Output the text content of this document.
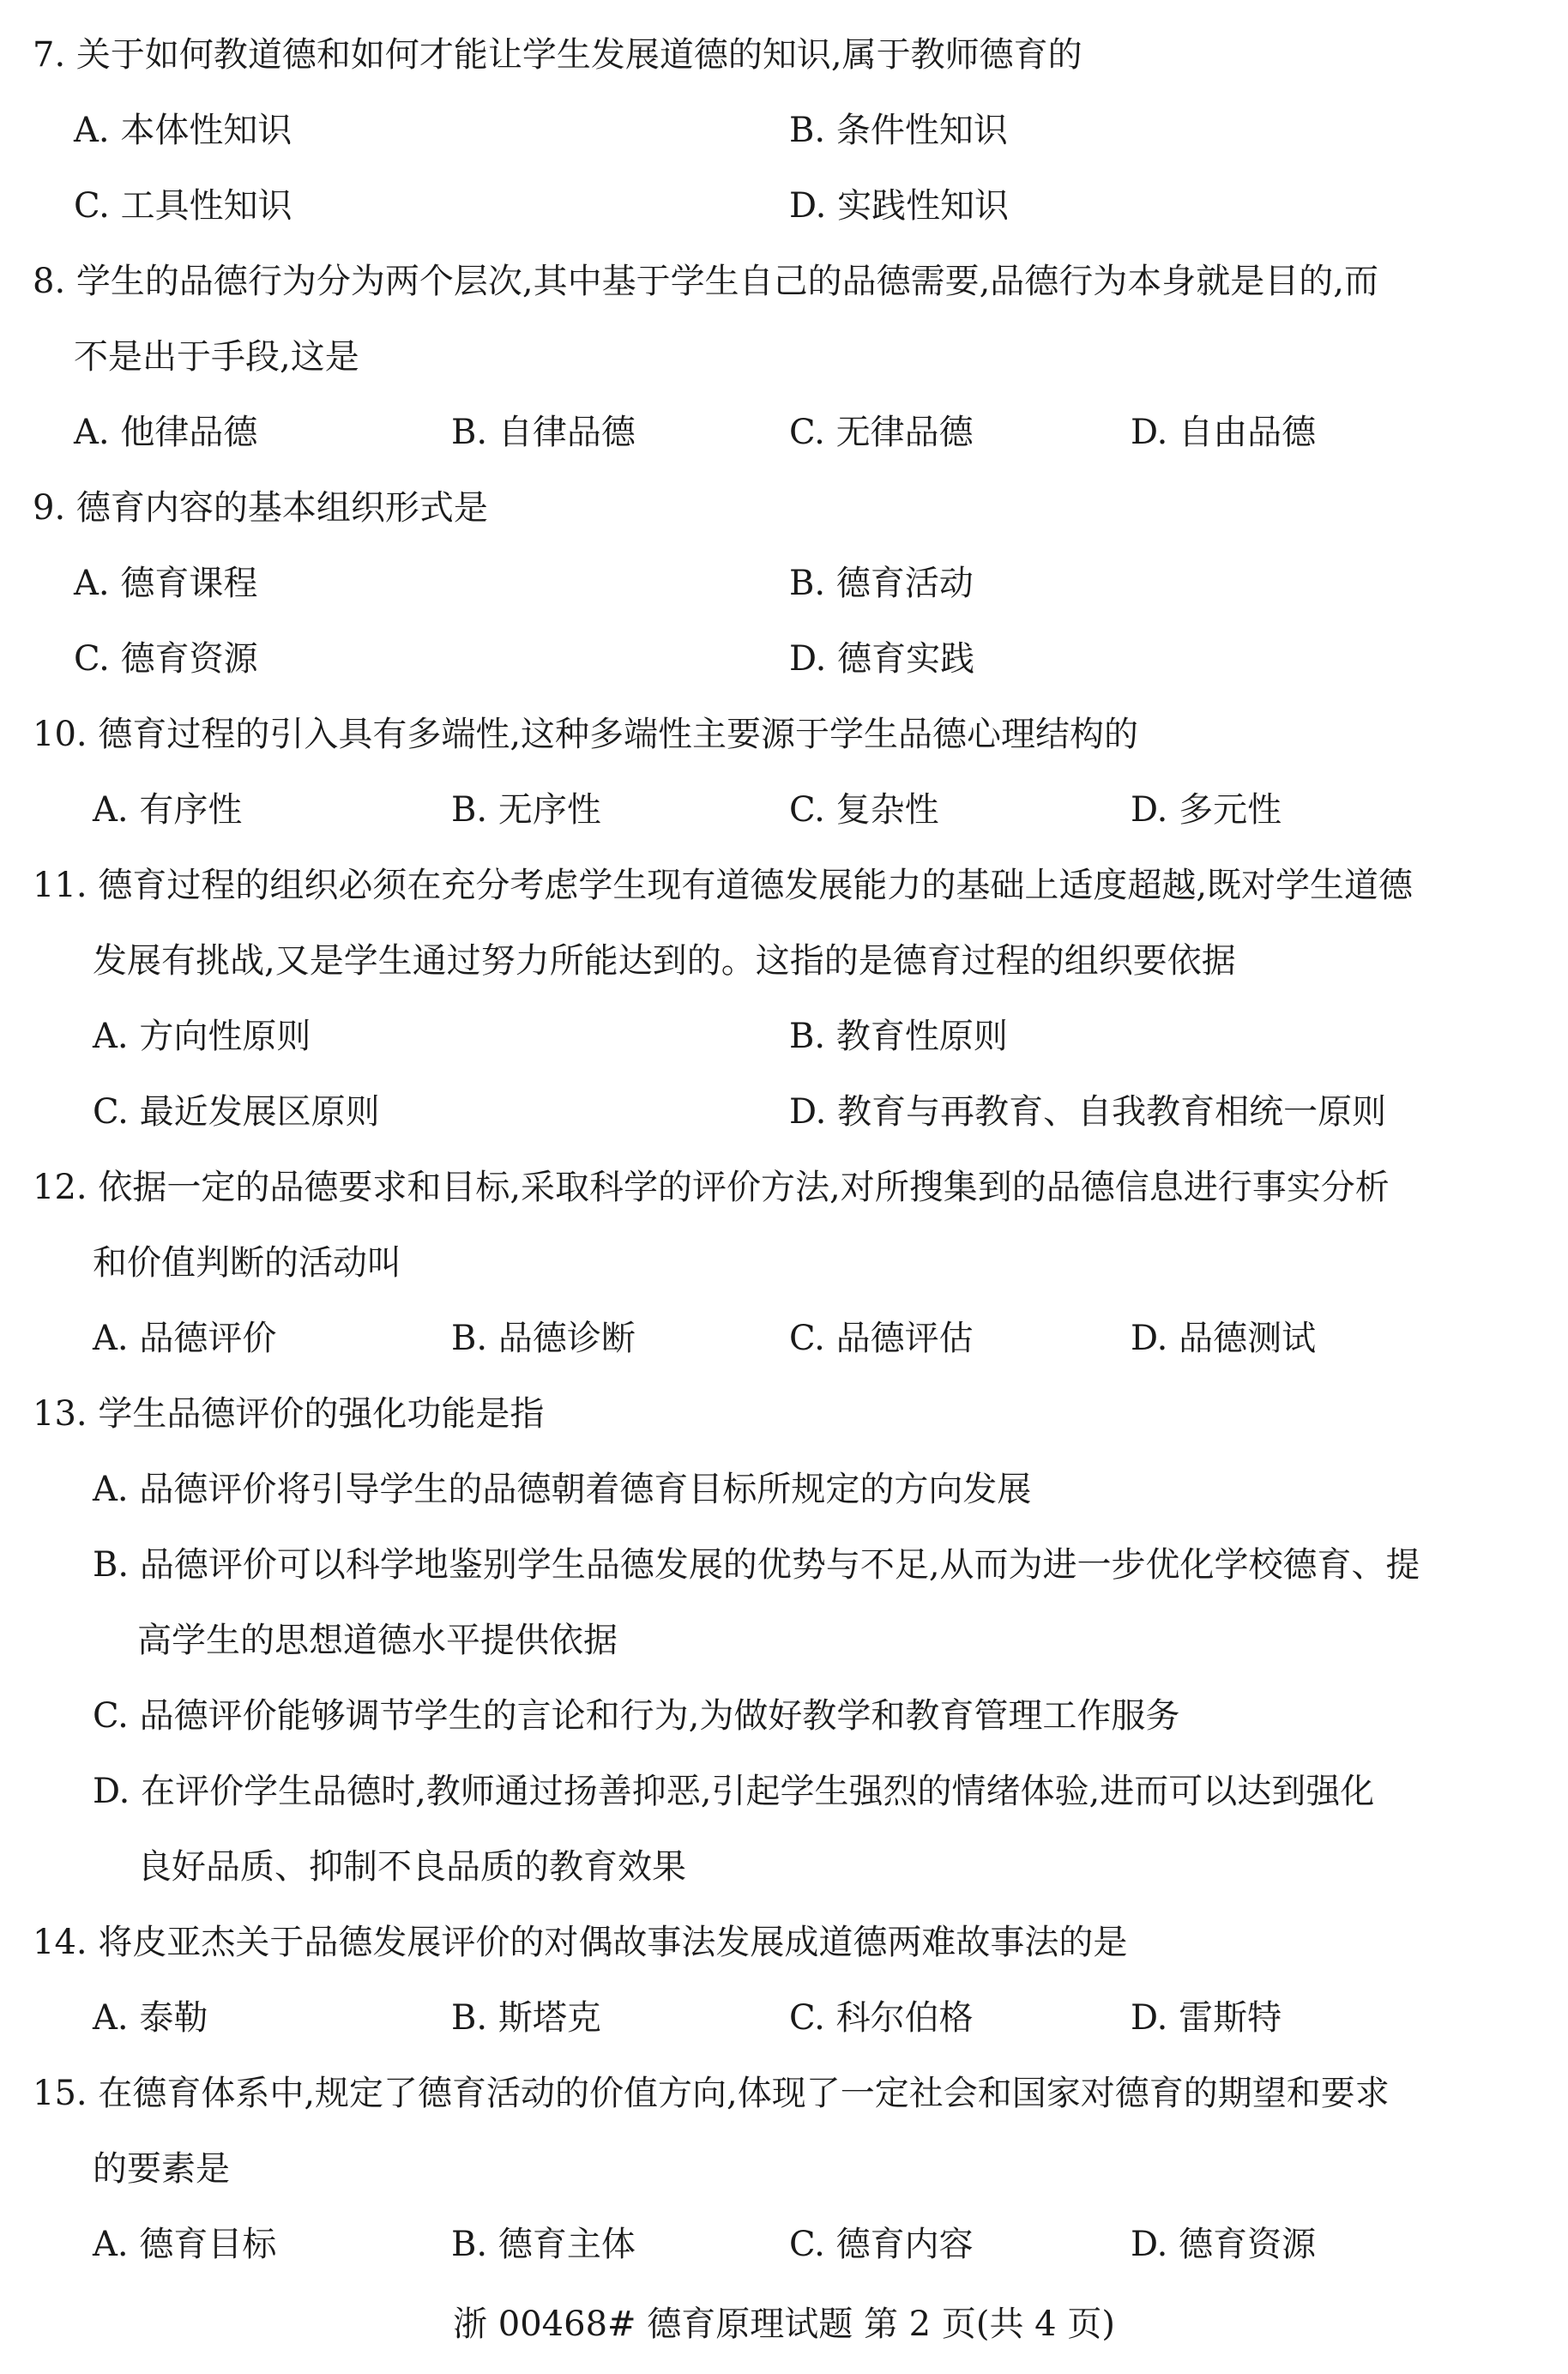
7. 关于如何教道德和如何才能让学生发展道德的知识,属于教师德育的
A. 本体性知识	B. 条件性知识
C. 工具性知识	D. 实践性知识
8. 学生的品德行为分为两个层次,其中基于学生自己的品德需要,品德行为本身就是目的,而
不是出于手段,这是
A. 他律品德	B. 自律品德	C. 无律品德	D. 自由品德
9. 德育内容的基本组织形式是
A. 德育课程	B. 德育活动
C. 德育资源	D. 德育实践
10. 德育过程的引入具有多端性,这种多端性主要源于学生品德心理结构的
A. 有序性	B. 无序性	C. 复杂性	D. 多元性
11. 德育过程的组织必须在充分考虑学生现有道德发展能力的基础上适度超越,既对学生道德
发展有挑战,又是学生通过努力所能达到的。这指的是德育过程的组织要依据
A. 方向性原则	B. 教育性原则
C. 最近发展区原则	D. 教育与再教育、自我教育相统一原则
12. 依据一定的品德要求和目标,采取科学的评价方法,对所搜集到的品德信息进行事实分析
和价值判断的活动叫
A. 品德评价	B. 品德诊断	C. 品德评估	D. 品德测试
13. 学生品德评价的强化功能是指
A. 品德评价将引导学生的品德朝着德育目标所规定的方向发展
B. 品德评价可以科学地鉴别学生品德发展的优势与不足,从而为进一步优化学校德育、提
高学生的思想道德水平提供依据
C. 品德评价能够调节学生的言论和行为,为做好教学和教育管理工作服务
D. 在评价学生品德时,教师通过扬善抑恶,引起学生强烈的情绪体验,进而可以达到强化
良好品质、抑制不良品质的教育效果
14. 将皮亚杰关于品德发展评价的对偶故事法发展成道德两难故事法的是
A. 泰勒	B. 斯塔克	C. 科尔伯格	D. 雷斯特
15. 在德育体系中,规定了德育活动的价值方向,体现了一定社会和国家对德育的期望和要求
的要素是
A. 德育目标	B. 德育主体	C. 德育内容	D. 德育资源
浙 00468# 德育原理试题 第 2 页(共 4 页)
